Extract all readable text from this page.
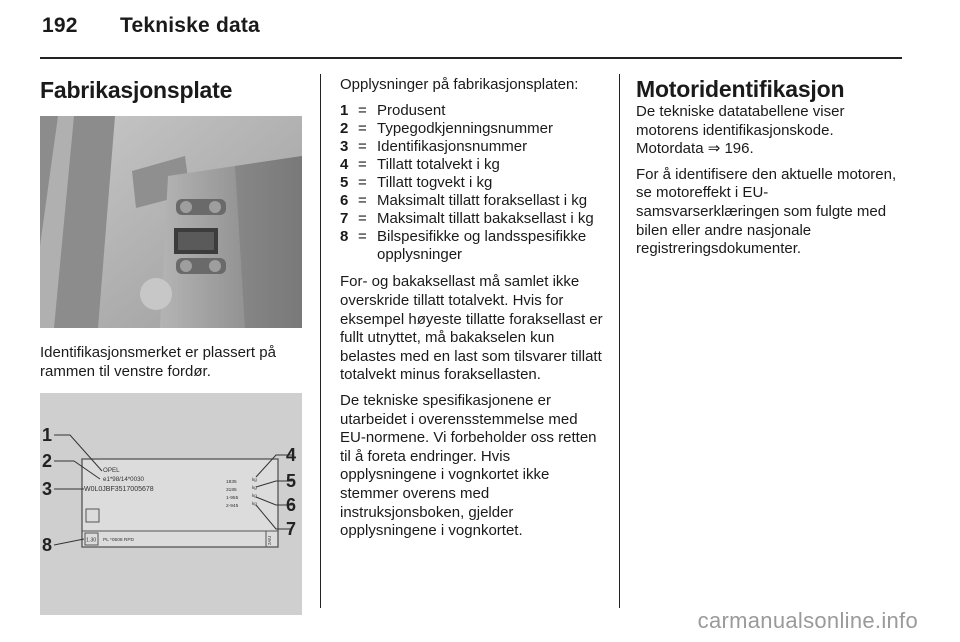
192 Tekniske data
Fabrikasjonsplate

Identifikasjonsmerket er plassert på rammen til venstre fordør.

OPEL
e1*98/14*0030
W0L0JBF3517005678
1835
3185
1-955
2-945
kg
kg
kg
kg
1.30 PL *0508 RPD	2AIU
1
2
3
4
5
6
7
8

Opplysninger på fabrikasjonsplaten:

1 = Produsent
2 = Typegodkjenningsnummer
3 = Identifikasjonsnummer
4 = Tillatt totalvekt i kg
5 = Tillatt togvekt i kg
6 = Maksimalt tillatt foraksellast i kg
7 = Maksimalt tillatt bakaksellast i kg
8 = Bilspesifikke og landsspesifikke opplysninger

For- og bakaksellast må samlet ikke overskride tillatt totalvekt. Hvis for eksempel høyeste tillatte foraksellast er fullt utnyttet, må bakakselen kun belastes med en last som tilsvarer tillatt totalvekt minus foraksellasten.

De tekniske spesifikasjonene er utarbeidet i overensstemmelse med EU-normene. Vi forbeholder oss retten til å foreta endringer. Hvis opplysningene i vognkortet ikke stemmer overens med instruksjonsboken, gjelder opplysningene i vognkortet.

Motoridentifikasjon

De tekniske datatabellene viser motorens identifikasjonskode. Motordata ⇒ 196.

For å identifisere den aktuelle motoren, se motoreffekt i EU-samsvarserklæringen som fulgte med bilen eller andre nasjonale registreringsdokumenter.

carmanualsonline.info
